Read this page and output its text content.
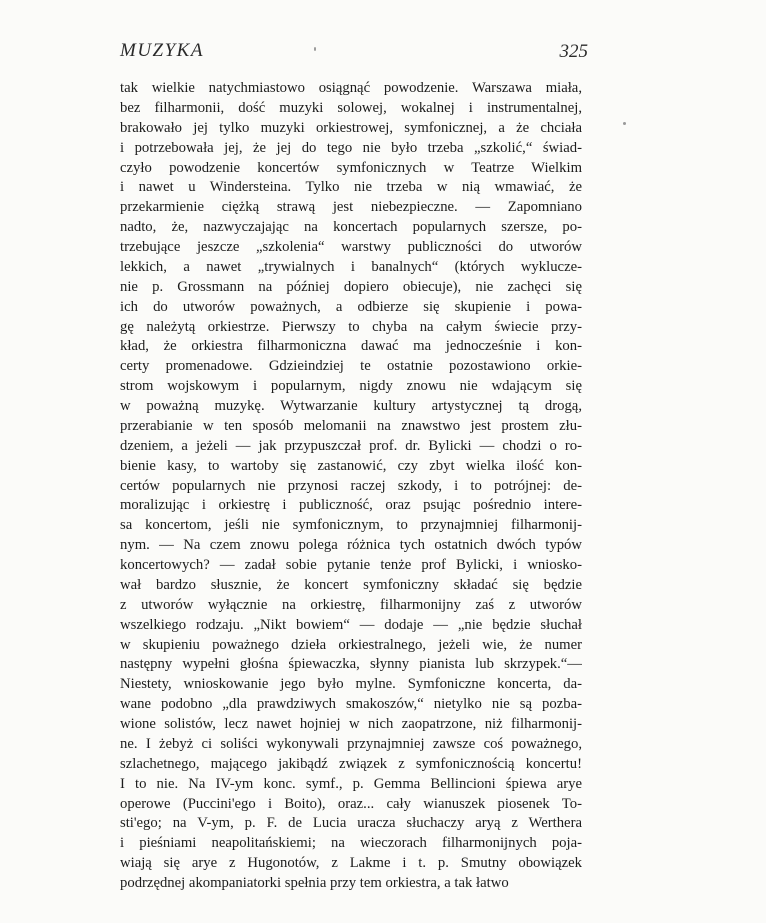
MUZYKA	325
tak wielkie natychmiastowo osiągnąć powodzenie. Warszawa miała,
bez filharmonii, dość muzyki solowej, wokalnej i instrumentalnej,
brakowało jej tylko muzyki orkiestrowej, symfonicznej, a że chciała
i potrzebowała jej, że jej do tego nie było trzeba „szkolić,“ świad-
czyło powodzenie koncertów symfonicznych w Teatrze Wielkim
i nawet u Windersteina. Tylko nie trzeba w nią wmawiać, że
przekarmienie ciężką strawą jest niebezpieczne. — Zapomniano
nadto, że, nazwyczajając na koncertach popularnych szersze, po-
trzebujące jeszcze „szkolenia“ warstwy publiczności do utworów
lekkich, a nawet „trywialnych i banalnych“ (których wyklucze-
nie p. Grossmann na później dopiero obiecuje), nie zachęci się
ich do utworów poważnych, a odbierze się skupienie i powa-
gę należytą orkiestrze. Pierwszy to chyba na całym świecie przy-
kład, że orkiestra filharmoniczna dawać ma jednocześnie i kon-
certy promenadowe. Gdzieindziej te ostatnie pozostawiono orkie-
strom wojskowym i popularnym, nigdy znowu nie wdającym się
w poważną muzykę. Wytwarzanie kultury artystycznej tą drogą,
przerabianie w ten sposób melomanii na znawstwo jest prostem złu-
dzeniem, a jeżeli — jak przypuszczał prof. dr. Bylicki — chodzi o ro-
bienie kasy, to wartoby się zastanowić, czy zbyt wielka ilość kon-
certów popularnych nie przynosi raczej szkody, i to potrójnej: de-
moralizując i orkiestrę i publiczność, oraz psując pośrednio intere-
sa koncertom, jeśli nie symfonicznym, to przynajmniej filharmonij-
nym. — Na czem znowu polega różnica tych ostatnich dwóch typów
koncertowych? — zadał sobie pytanie tenże prof Bylicki, i wniosko-
wał bardzo słusznie, że koncert symfoniczny składać się będzie
z utworów wyłącznie na orkiestrę, filharmonijny zaś z utworów
wszelkiego rodzaju. „Nikt bowiem“ — dodaje — „nie będzie słuchał
w skupieniu poważnego dzieła orkiestralnego, jeżeli wie, że numer
następny wypełni głośna śpiewaczka, słynny pianista lub skrzypek.“—
Niestety, wnioskowanie jego było mylne. Symfoniczne koncerta, da-
wane podobno „dla prawdziwych smakoszów,“ nietylko nie są pozba-
wione solistów, lecz nawet hojniej w nich zaopatrzone, niż filharmonij-
ne. I żebyż ci soliści wykonywali przynajmniej zawsze coś poważnego,
szlachetnego, mającego jakibądź związek z symfonicznością koncertu!
I to nie. Na IV-ym konc. symf., p. Gemma Bellincioni śpiewa arye
operowe (Puccini'ego i Boito), oraz... cały wianuszek piosenek To-
sti'ego; na V-ym, p. F. de Lucia uracza słuchaczy aryą z Werthera
i pieśniami neapolitańskiemi; na wieczorach filharmonijnych poja-
wiają się arye z Hugonotów, z Lakme i t. p. Smutny obowiązek
podrzędnej akompaniatorki spełnia przy tem orkiestra, a tak łatwo
